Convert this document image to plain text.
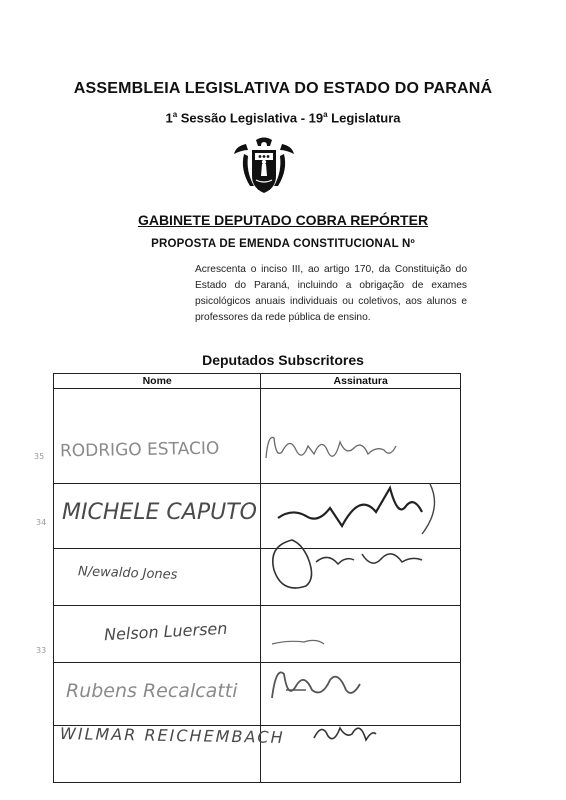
ASSEMBLEIA LEGISLATIVA DO ESTADO DO PARANÁ
1$^a$ Sessão Legislativa - 19$^a$ Legislatura
GABINETE DEPUTADO COBRA REPÓRTER
PROPOSTA DE EMENDA CONSTITUCIONAL Nº
Acrescenta o inciso III, ao artigo 170, da Constituição do Estado do Paraná, incluindo a obrigação de exames psicológicos anuais individuais ou coletivos, aos alunos e professores da rede pública de ensino.
Deputados Subscritores
Nome	Assinatura

RODRIGO ESTACIO
MICHELE CAPUTO
N/ewaldo Jones
Nelson Luersen
Rubens Recalcatti
WILMAR REICHEMBACH
35
34
33
